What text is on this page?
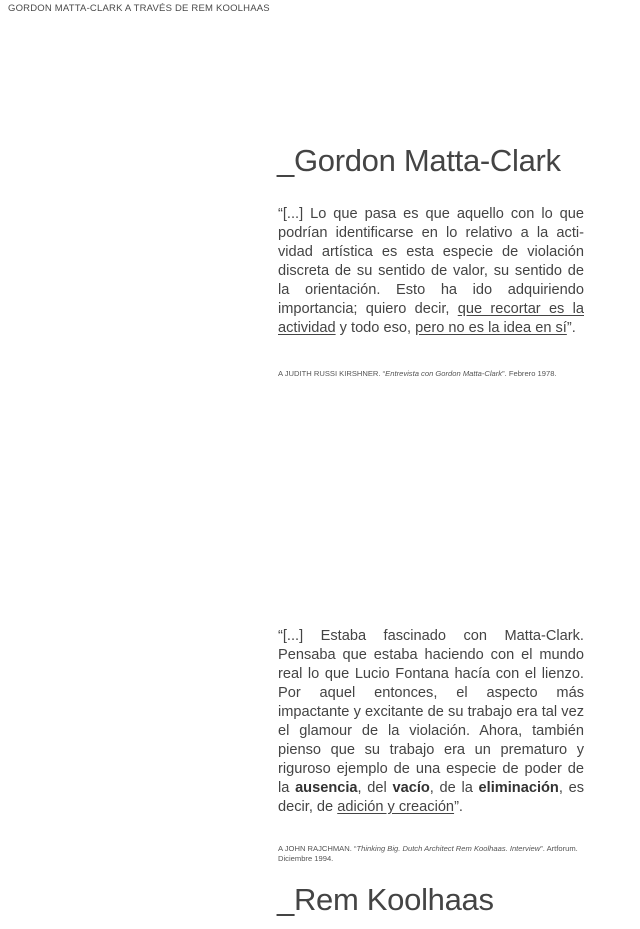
GORDON MATTA-CLARK A TRAVÉS DE REM KOOLHAAS

_Gordon Matta-Clark

“[...] Lo que pasa es que aquello con lo que podrían identificarse en lo relativo a la acti-vidad artística es esta especie de violación discreta de su sentido de valor, su sentido de la orientación. Esto ha ido adquiriendo importancia; quiero decir, que recortar es la actividad y todo eso, pero no es la idea en sí”.

A JUDITH RUSSI KIRSHNER. “Entrevista con Gordon Matta-Clark”. Febrero 1978.

“[...] Estaba fascinado con Matta-Clark. Pensaba que estaba haciendo con el mundo real lo que Lucio Fontana hacía con el lienzo. Por aquel entonces, el aspecto más impactante y excitante de su trabajo era tal vez el glamour de la violación. Ahora, también pienso que su trabajo era un prematuro y riguroso ejemplo de una especie de poder de la ausencia, del vacío, de la eliminación, es decir, de adición y creación”.

A JOHN RAJCHMAN. “Thinking Big. Dutch Architect Rem Koolhaas. Interview”. Artforum. Diciembre 1994.

_Rem Koolhaas
